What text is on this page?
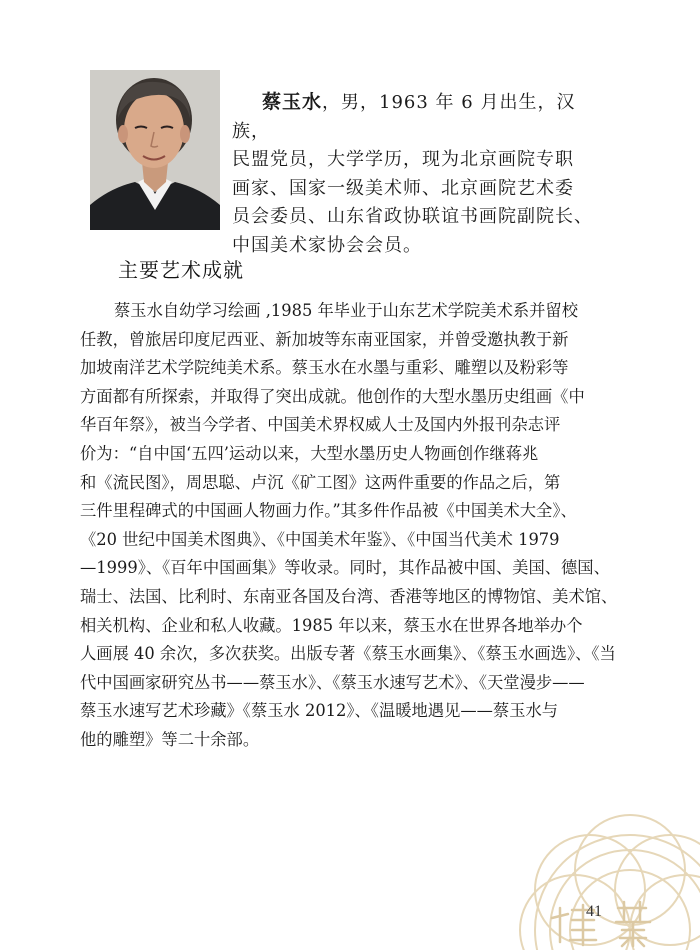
蔡玉水，男，1963 年 6 月出生，汉族，
民盟党员，大学学历，现为北京画院专职
画家、国家一级美术师、北京画院艺术委
员会委员、山东省政协联谊书画院副院长、
中国美术家协会会员。
主要艺术成就
蔡玉水自幼学习绘画 ,1985 年毕业于山东艺术学院美术系并留校
任教，曾旅居印度尼西亚、新加坡等东南亚国家，并曾受邀执教于新
加坡南洋艺术学院纯美术系。蔡玉水在水墨与重彩、雕塑以及粉彩等
方面都有所探索，并取得了突出成就。他创作的大型水墨历史组画《中
华百年祭》，被当今学者、中国美术界权威人士及国内外报刊杂志评
价为：“自中国‘五四’运动以来，大型水墨历史人物画创作继蒋兆
和《流民图》，周思聪、卢沉《矿工图》这两件重要的作品之后，第
三件里程碑式的中国画人物画力作。”其多件作品被《中国美术大全》、
《20 世纪中国美术图典》、《中国美术年鉴》、《中国当代美术 1979
—1999》、《百年中国画集》等收录。同时，其作品被中国、美国、德国、
瑞士、法国、比利时、东南亚各国及台湾、香港等地区的博物馆、美术馆、
相关机构、企业和私人收藏。1985 年以来，蔡玉水在世界各地举办个
人画展 40 余次，多次获奖。出版专著《蔡玉水画集》、《蔡玉水画选》、《当
代中国画家研究丛书——蔡玉水》、《蔡玉水速写艺术》、《天堂漫步——
蔡玉水速写艺术珍藏》《蔡玉水 2012》、《温暖地遇见——蔡玉水与
他的雕塑》等二十余部。
41
